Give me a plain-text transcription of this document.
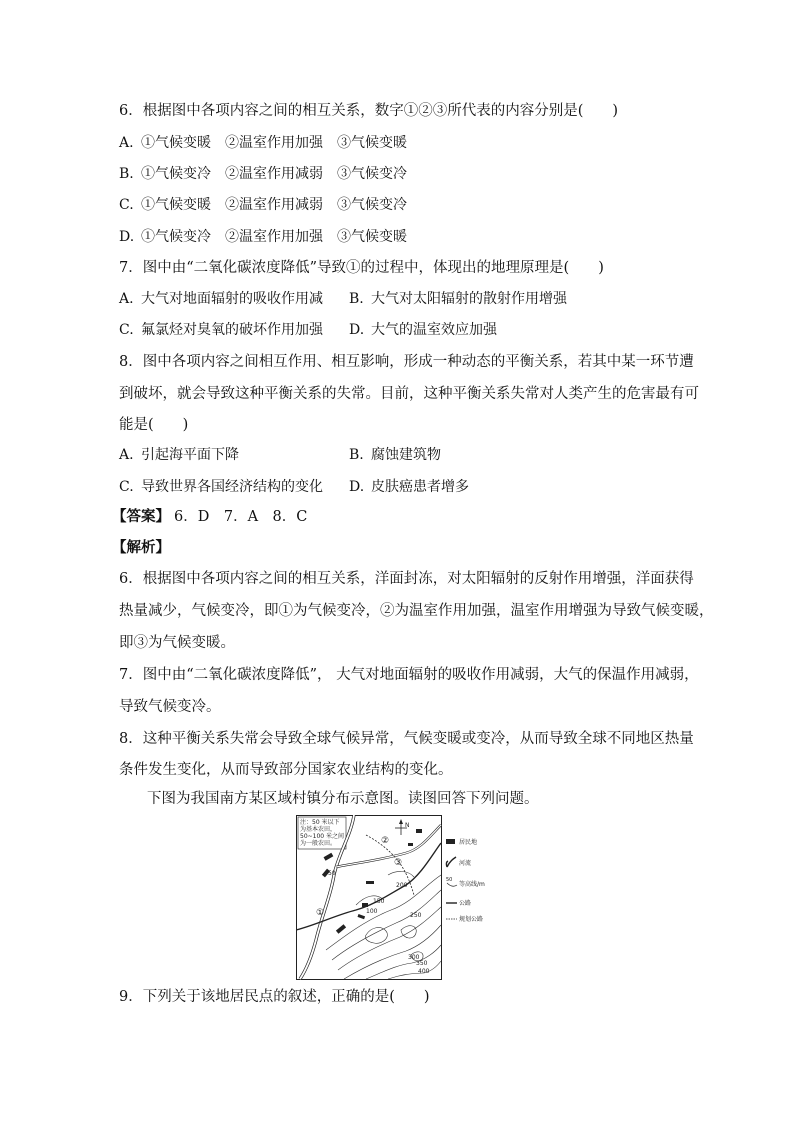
6．根据图中各项内容之间的相互关系，数字①②③所代表的内容分别是(　　)
A. ①气候变暖　②温室作用加强　③气候变暖
B. ①气候变冷　②温室作用减弱　③气候变冷
C. ①气候变暖　②温室作用减弱　③气候变冷
D. ①气候变冷　②温室作用加强　③气候变暖
7．图中由“二氧化碳浓度降低”导致①的过程中，体现出的地理原理是(　　)
A. 大气对地面辐射的吸收作用减 B. 大气对太阳辐射的散射作用增强
C. 氟氯烃对臭氧的破坏作用加强 D. 大气的温室效应加强
8．图中各项内容之间相互作用、相互影响，形成一种动态的平衡关系，若其中某一环节遭
到破坏，就会导致这种平衡关系的失常。目前，这种平衡关系失常对人类产生的危害最有可
能是(　　)
A. 引起海平面下降	B. 腐蚀建筑物
C. 导致世界各国经济结构的变化 D. 皮肤癌患者增多
【答案】 6．D　7．A　8．C
【解析】
6．根据图中各项内容之间的相互关系，洋面封冻，对太阳辐射的反射作用增强，洋面获得
热量减少，气候变冷，即①为气候变冷，②为温室作用加强，温室作用增强为导致气候变暖，
即③为气候变暖。
7．图中由“二氧化碳浓度降低”， 大气对地面辐射的吸收作用减弱，大气的保温作用减弱，
导致气候变冷。
8．这种平衡关系失常会导致全球气候异常，气候变暖或变冷，从而导致全球不同地区热量
条件发生变化，从而导致部分国家农业结构的变化。
下图为我国南方某区域村镇分布示意图。读图回答下列问题。
注：50 米以下
为基本农田，
50~100 米之间
为一般农田。
N
①
②
③
50
150
100
200
250
300
350
400
居民地
河流
50
等高线/m
公路
规划公路
9．下列关于该地居民点的叙述，正确的是(　　)
